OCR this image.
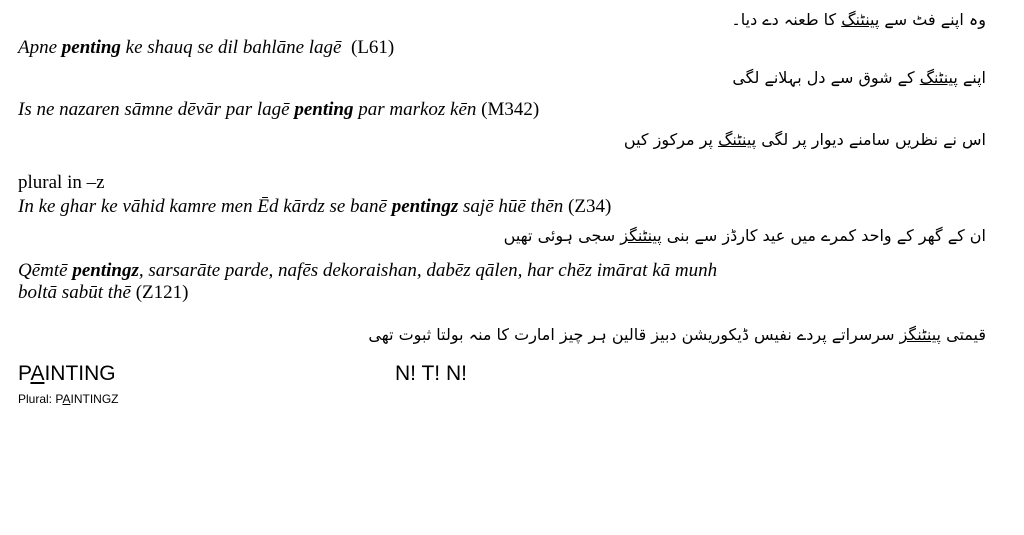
وہ اپنے فٹ سے پینٹنگ کا طعنہ دے دیا۔
Apne penting ke shauq se dil bahlāne lagē (L61)
اپنے پینٹنگ کے شوق سے دل بہلانے لگی
Is ne nazaren sāmne dēvār par lagē penting par markoz kēn (M342)
اس نے نظریں سامنے دیوار پر لگی پینٹنگ پر مرکوز کیں
plural in –z
In ke ghar ke vāhid kamre men Ēd kārdz se banē pentingz sajē hūē thēn (Z34)
ان کے گھر کے واحد کمرے میں عید کارڈز سے بنی پینٹنگز سجی ہوئی تھیں
Qēmtē pentingz, sarsarāte parde, nafēs dekoraishan, dabēz qālen, har chēz imārat kā munh
boltā sabūt thē (Z121)
قیمتی پینٹنگز سرسراتے پردے نفیس ڈیکوریشن دبیز قالین ہر چیز امارت کا منہ بولتا ثبوت تھی
PAINTING	N! T! N!
Plural: PAINTINGZ
